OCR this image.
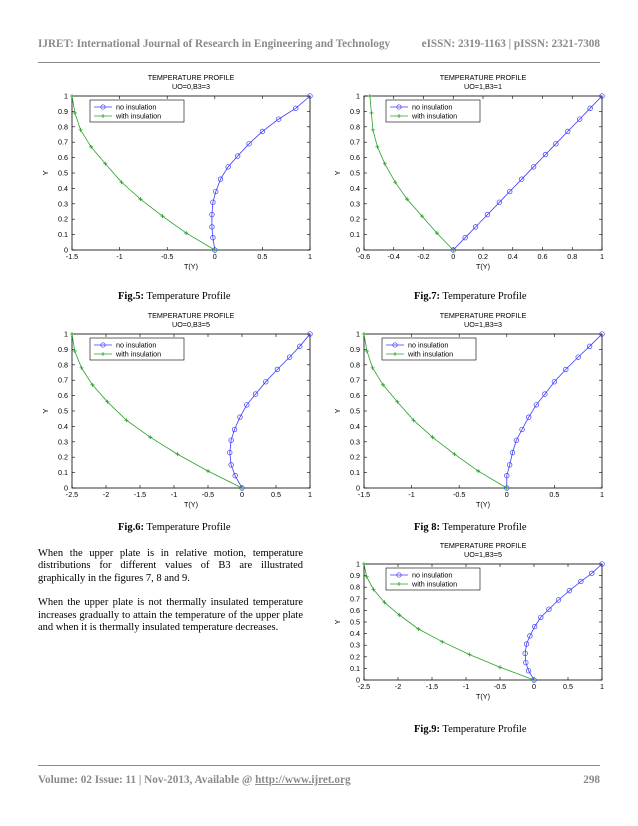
IJRET: International Journal of Research in Engineering and Technology	eISSN: 2319-1163 | pISSN: 2321-7308
TEMPERATURE PROFILE
UO=0,B3=3
-1.5	-1	-0.5	0	0.5	1
0
0.1
0.2
0.3
0.4
0.5
0.6
0.7
0.8
0.9
1
T(Y)
Y
no insulation
with insulation
TEMPERATURE PROFILE
UO=1,B3=1
-0.6 -0.4 -0.2	0	0.2	0.4	0.6	0.8	1
0
0.1
0.2
0.3
0.4
0.5
0.6
0.7
0.8
0.9
1
T(Y)
Y
no insulation
with insulation
TEMPERATURE PROFILE
UO=0,B3=5
-2.5	-2	-1.5	-1	-0.5	0	0.5	1
0
0.1
0.2
0.3
0.4
0.5
0.6
0.7
0.8
0.9
1
T(Y)
Y
no insulation
with insulation
TEMPERATURE PROFILE
UO=1,B3=3
-1.5	-1	-0.5	0	0.5	1
0
0.1
0.2
0.3
0.4
0.5
0.6
0.7
0.8
0.9
1
T(Y)
Y
no insulation
with insulation
TEMPERATURE PROFILE
UO=1,B3=5
-2.5	-2	-1.5	-1	-0.5	0	0.5	1
0
0.1
0.2
0.3
0.4
0.5
0.6
0.7
0.8
0.9
1
T(Y)
Y
no insulation
with insulation
Fig.5: Temperature Profile	Fig.7: Temperature Profile
Fig.6: Temperature Profile	Fig 8: Temperature Profile
Fig.9: Temperature Profile

When the upper plate is in relative motion, temperature distributions for different values of B3 are illustrated graphically in the figures 7, 8 and 9.

When the upper plate is not thermally insulated temperature increases gradually to attain the temperature of the upper plate and when it is thermally insulated temperature decreases.

Volume: 02 Issue: 11 | Nov-2013, Available @ http://www.ijret.org	298
